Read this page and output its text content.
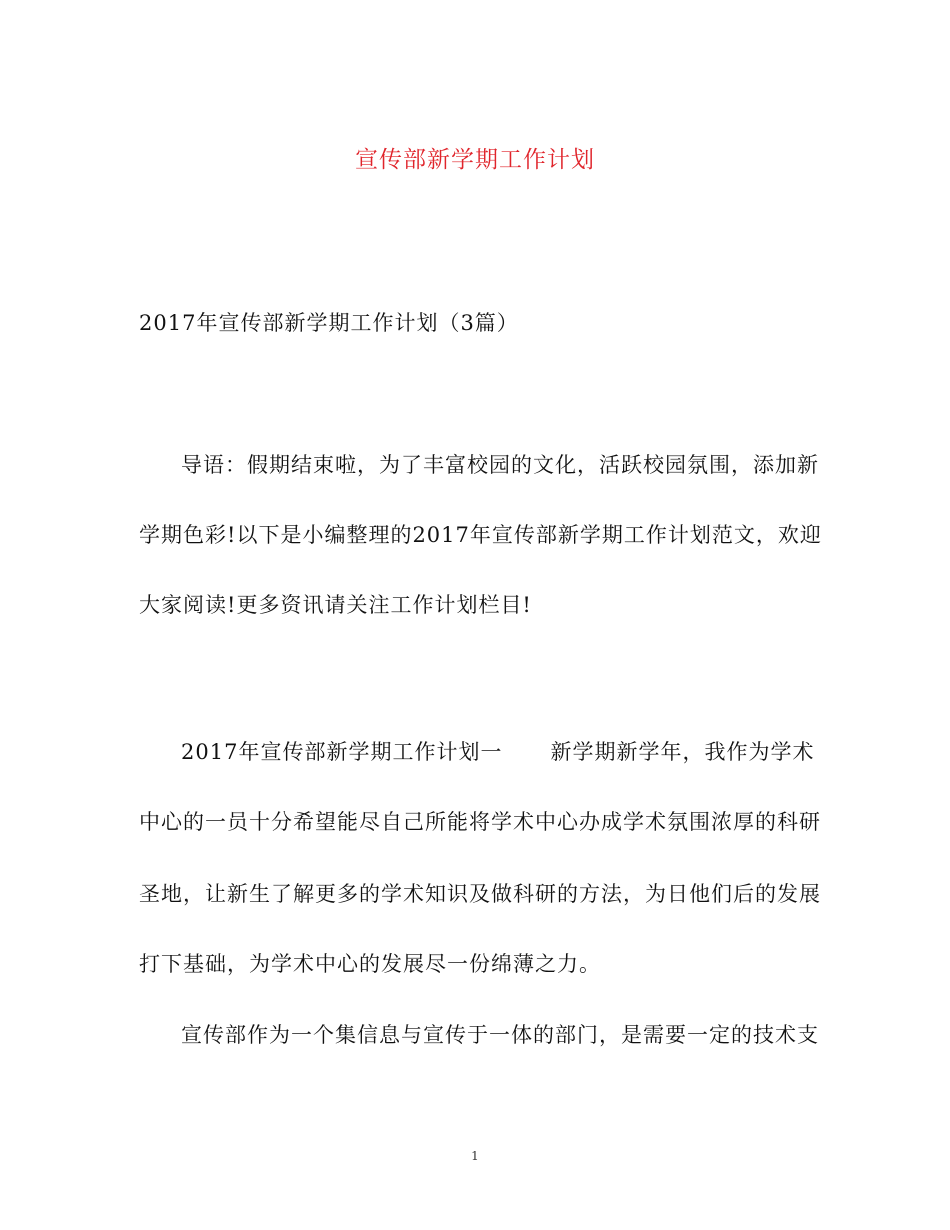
宣传部新学期工作计划
2017年宣传部新学期工作计划（3篇）
导语：假期结束啦，为了丰富校园的文化，活跃校园氛围，添加新
学期色彩!以下是小编整理的2017年宣传部新学期工作计划范文，欢迎
大家阅读!更多资讯请关注工作计划栏目!
2017年宣传部新学期工作计划一 新学期新学年，我作为学术
中心的一员十分希望能尽自己所能将学术中心办成学术氛围浓厚的科研
圣地，让新生了解更多的学术知识及做科研的方法，为日他们后的发展
打下基础，为学术中心的发展尽一份绵薄之力。
宣传部作为一个集信息与宣传于一体的部门，是需要一定的技术支
1
